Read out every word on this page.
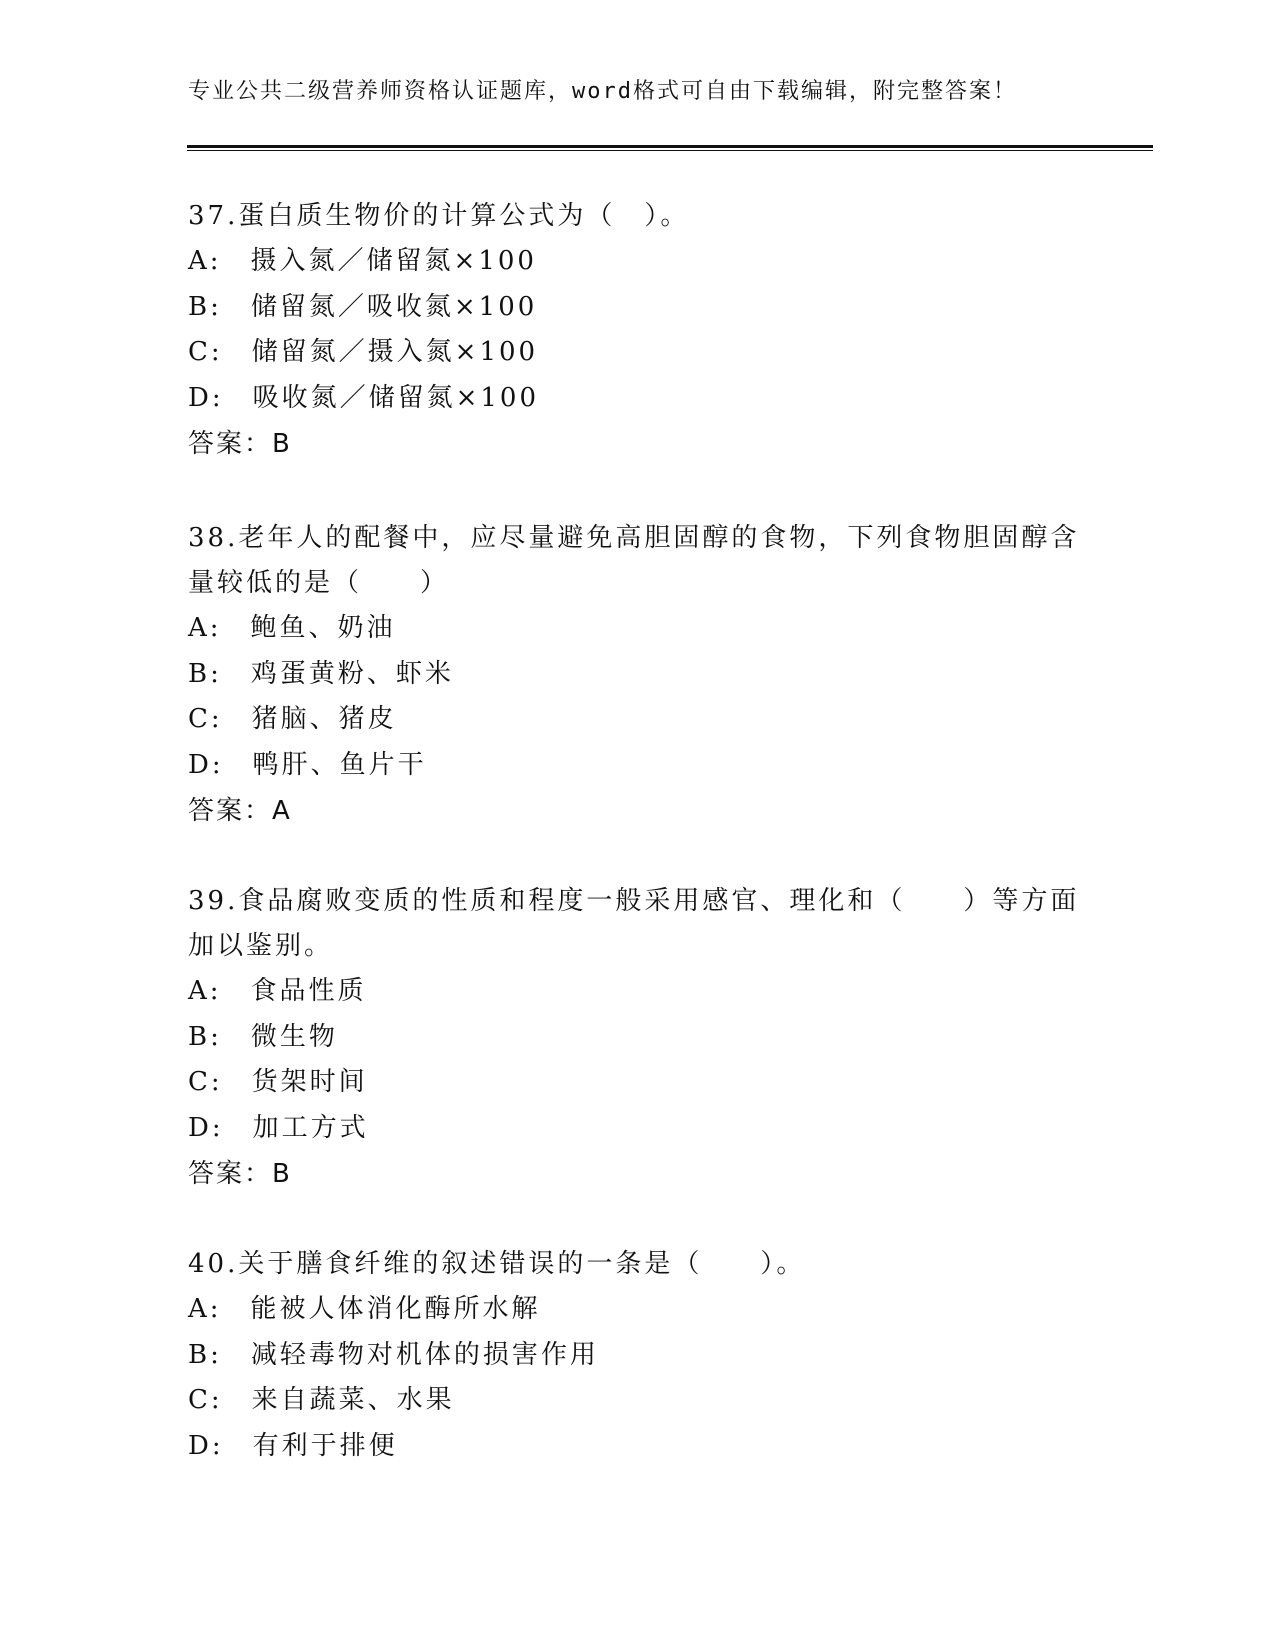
专业公共二级营养师资格认证题库，word格式可自由下载编辑，附完整答案！

37.蛋白质生物价的计算公式为（　）。

A:　摄入氮／储留氮×100

B:　储留氮／吸收氮×100

C:　储留氮／摄入氮×100

D:　吸收氮／储留氮×100

答案：B

38.老年人的配餐中，应尽量避免高胆固醇的食物，下列食物胆固醇含量较低的是（　　）

A:　鲍鱼、奶油

B:　鸡蛋黄粉、虾米

C:　猪脑、猪皮

D:　鸭肝、鱼片干

答案：A

39.食品腐败变质的性质和程度一般采用感官、理化和（　　）等方面加以鉴别。

A:　食品性质

B:　微生物

C:　货架时间

D:　加工方式

答案：B

40.关于膳食纤维的叙述错误的一条是（　　）。

A:　能被人体消化酶所水解

B:　减轻毒物对机体的损害作用

C:　来自蔬菜、水果

D:　有利于排便
